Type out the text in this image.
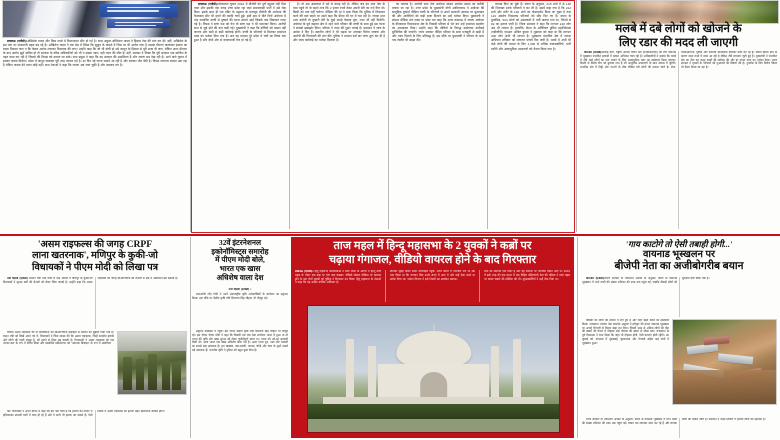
लखनऊ (एजेंसी)।अखिलेश यादव और किस नाम्बे में विधानसभा सीट हो गई है। साथ अमुख अधिवेशन यादव ने हिसाब टेस्ट की मांग कर दी। वहीं, अखिलेश के इस मांग पर सरसराती बहस बढ़ गई है। अखिलेश यादव ने एक प्रेस में लिखा कि सुकून के मामले में जिस पर भी आरोप लगा है उसका डीएनए करवाकर इंसाफ का रास्ता निकाल जाए न कि केवल आरोप लगाकर विधायक की जाए। उन्होंने कहा कि जो भी दोषी हो उसे कानून के हिसाब से पूरी सजा दी जाए, लेकिन अगर डीएनए के बाद आरोप झूठे साबित हो तो सरकार के वरिष्ठ अधिकारियों को भी न बख्शा जाए। यही न्याय की जीत है। वहीं, सरकार ने लिखा कि पूरी सरकार एक साजिश के तहत काम कर रही है जिससे की विपक्ष को दबाया जा सके। सपा प्रमुख ने कहा कि यह सरकार की असलियत है और जनता सब देख रही है। आने वाले चुनाव में इसका जवाब मिलेगा। प्रदेश में कानून व्यवस्था पूरी तरह चरमरा गई है। हर दिन नई घटना सामने आ रही है और सरकार मौन बैठी है। विपक्ष लगातार सवाल उठा रहा है लेकिन जवाब देने वाला कोई नहीं। सपा नेताओं ने कहा कि जनता अब जाग चुकी है और बदलाव तय है।

लखनऊ (एजेंसी)।लोकसभा चुनाव 2024 में बीजेपी को पूर्ण बहुमत नहीं मिल पाया और इसकी एक वजह उत्तर प्रदेश रहा जहां समाजवादी पार्टी ने उसे रोक दिया। इसके साथ ही राम मंदिर के उद्घाटन के बावजूद बीजेपी की अयोध्या की फैजाबाद सीट भी हारने की काफी चर्चा हुई। इसी क्रम में बीते दिनों अयोध्या में एक नाबालिग बच्ची से दुष्कर्म की घटना सामने आई जिसके बाद सियासत गरमा गई है। विपक्ष ने सत्ता पक्ष को घेरा तो सत्ता पक्ष ने भी पलटवार किया। आरोपी सपा से जुड़े होने की बात कही गई। मुख्यमंत्री ने कहा कि दोषियों को बख्शा नहीं जाएगा और कड़ी से कड़ी कार्रवाई होगी। बच्ची के परिजनों से मिलकर हरसंभव मदद का भरोसा दिया गया है। अब यह मामला पूरे प्रदेश में चर्चा का विषय बना हुआ है और दोनों ओर से बयानबाजी तेज हो गई है।

है। वो अब अस्पताल में दर्द से कराह रही है। लेकिन जब हम सपा नेता के पास पहुंचे तो वो कहने लगा कि 2 हजार रुपये ठेकर अपनी बेटी का गर्भ गिरा दो। किसी को पता नहीं चलेगा। पीड़िता की मां ने दावा किया कि पुलिस में शिकायत करने की बात कहने पर उसने कहा कि डीएम मेरे घर में चल रही है। ज्यादा इधर उधर करोगी तो तुम्हारी बेटी के तुम्हें कपड़े फेंकवा दूंगा, लाश भी नहीं मिलेगी। अयोध्या के पूर्व कद्दावर क्षेत्र में रहने वाले परिवार की बच्ची के साथ हुई इस घटना ने सबको झकझोर दिया। परिवार ने न्याय की गुहार लगाई है। प्रशासन ने जांच के आदेश दे दिए हैं। स्थानीय लोगों ने भी सड़क पर उतरकर विरोध जताया और आरोपी की गिरफ्तारी की मांग की। पुलिस ने मामला दर्ज कर जांच शुरू कर दी है और जल्द कार्रवाई का भरोसा दिलाया है।

का मतलब है। आरोपी सपा नेता अयोध्या सांसद अवधेश प्रसाद का करीबी बताया जा रहा है। उत्तर प्रदेश के मुख्यमंत्री योगी आदित्यनाथ ने अयोध्या की सामूहिक दुष्कर्म पीड़िता बच्ची के परिजनों से अपने सरकारी आवास पर मुलाकात की और आरोपियों को कड़ी सजा दिलाने का उन्हें भरोसा दिया। मुख्यमंत्री ने सोशल मीडिया मंच एक्स पर पोस्ट कर कहा कि आज लखनऊ में जनता अयोध्या के दीनदयाल विधानसभा क्षेत्र के निवासी परिवार से भेंट कर उन्हें हरसंभव सहयोग का आश्वासन दिया। उन्होंने कहा कि दोषियों के विरुद्ध कठोरतम कार्रवाई सुनिश्चित की जाएगी। राज्य सरकार पीड़ित परिवार के साथ मजबूती से खड़ी है और न्याय दिलाने के लिए प्रतिबद्ध है। इस मौके पर मुख्यमंत्री ने परिवार के साथ एक तस्वीर भी साझा की।

बरामद किए जा चुके हैं। बयान के अनुसार, 215 शवों में से 148 की शिनाख्त उनके परिजनों ने कर ली है। इसमें कहा गया है कि 212 शवों और शरीर के 140 अंगों का पोस्टमार्टम किया जा चुका है तथा 119 अवशेष निकटतम परिजनों को सौंप दिए गए हैं। बयान के मुताबिक, 504 लोगों को अस्पतालों में भर्ती कराया गया था, जिनमें से 82 का इलाज जारी है। जिला प्रशासन ने कहा कि लगभग 218 लोग अब भी लापता हैं। हालांकि, केरल के अतिरिक्त पुलिस महानिदेशक (एडीजीपी) एमआर अजित कुमार ने शुक्रवार को कहा था कि लगभग 300 लोग अभी भी लापता हैं। भूस्खलन प्रभावित क्षेत्र में तलाश अभियान शनिवार को लगातार पांचवें दिन जारी है। मलबे में अभी भी फंसे लोगों की तलाश के लिए 1,300 से अधिक बचावकर्मियों, भारी मशीनें और अत्याधुनिक उपकरणों को तैनात किया गया है।

मलबे में दबे लोगों को खोजने के
लिए रडार की मदद ली जाएगी

वायनाड (एजेंसी)।सलाह बारी, राष्ट्रीय आपदा मोचन बल (एनडीआरएफ) की टीमें वायनाड में भूस्खलन प्रभावित इलाकों में तलाश अभियान चला रही हैं। अधिकारियों ने बताया कि मलबे में नीचे फंसे लोगों का पता लगाने के लिए अत्याधुनिक रडार का इस्तेमाल किया जाएगा। दिल्ली से विशेष टीम को बुलाया गया है जो आधुनिक उपकरणों के साथ तलाश में जुटेगी। प्रभावित क्षेत्र में मिट्टी और पत्थरों के बीच जीवित बचे लोगों की तलाश जारी है। सेना, एनडीआरएफ, पुलिस और स्थानीय स्वयंसेवक मिलकर काम कर रहे हैं। मौसम खराब होने के कारण राहत कार्य में बाधा आ रही है लेकिन टीमें लगातार जुटी हुई हैं। मुख्यमंत्री ने प्रभावित क्षेत्र का दौरा कर राहत कार्यों की समीक्षा की और हर संभव मदद का भरोसा दिया। राज्य सरकार ने मृतकों के परिजनों को मुआवजे की घोषणा की है। पुनर्वास के लिए विशेष पैकेज भी तैयार किया जा रहा है।

'असम राइफल्स की जगह CRPF
लाना खतरनाक', मणिपुर के कुकी-जो
विधायकों ने पीएम मोदी को लिखा पत्र

नयी दिल्ली (एजेंसी) ।प्रधान मंत्री नरेंद्र मोदी से एक अपील में मणिपुर के कुकी-जो विधायकों ने सुरक्षा बलों की तैनाती को लेकर चिंता जताई है। उन्होंने कहा कि असम राइफल्स की जगह सीआरपीएफ की तैनाती से क्षेत्र में अस्थिरता बढ़ सकती है।

जिसमें असम राइफल्स की दो बटालियनों को सीआरपीएफ इकाइयों से बदलने का सुझाव दिया गया है। प्रधान मंत्री को लिखे अपने पत्र में, विधायकों ने चिंता व्यक्त की कि असम राइफल्स, जिन्हें स्थानीय इलाके और लोगों की गहरी समझ है, को हटाने से हिंसा बढ़ सकती है। विधायकों ने असम राइफल्स को एक 'तटस्थ बल' के रूप में वर्णित किया और प्रस्तावित प्रतिस्थापन को 'भयानक डिजाइन' के रूप में आलोचना

की। विधायकों ने अपने ज्ञापन में कहा कि हमें पता चला है कि हजारों की तादाद में हथियारबंद उपद्रवी घाटी में जमा हो रहे हैं और वे कभी भी हमला कर सकते हैं। ऐसी स्थिति में असम राइफल्स को हटाना बेहद खतरनाक साबित होगा।

32वें इंटरनेशनल
इकोनॉमिस्ट्स समारोह
में पीएम मोदी बोले,
भारत एक खास
अधिशेष वाला देश

नयी दिल्ली (एजेंसी) ।

प्रधानमंत्री नरेंद्र मोदी ने 32वें अंतरराष्ट्रीय कृषि अर्थशास्त्रियों के सम्मेलन का उद्घाटन किया। इस मौके पर केंद्रीय कृषि मंत्री शिवराज सिंह चौहान भी मौजूद रहे।

उद्घाटन कार्यक्रम में पहुंचे। इस दौरान केंद्रीय कृषि मंत्री शिवराज सिंह चौहान भी मौजूद रहे। इस दौरान पीएम मोदी ने कहा कि पिछली बार जब ऐसा सम्मेलन भारत में हुआ था तो भारत की कृषि और खाद्य सुरक्षा को लेकर चुनौतीपूर्ण समय था। भारत को नई-नई आजादी मिली थी। आज भारत एक खाद्य अधिशेष वाला देश है। आज भारत दूध, दाल और मसालों का सबसे बड़ा उत्पादक है। हम खाद्यान्न, फल-सब्जी, कपास, चीनी और चाय के दूसरे सबसे बड़े उत्पादक हैं। भारतीय कृषि ने दुनिया को बहुत कुछ दिया है।

ताज महल में हिन्दू महासभा के 2 युवकों ने कब्रों पर
चढ़ाया गंगाजल, वीडियो वायरल होने के बाद गिरफ्तार

लखनऊ (एजेंसी)। हिंदू महासभा कार्यकर्ताओं ने उत्तर प्रदेश के आगरा में हिन्दू ताज महल के भीतर एक कब्र पर गंगा जल चढ़ाया। वीडियो सोशल मीडिया पर वायरल होने के बाद दोनों युवकों को पुलिस ने गिरफ्तार कर लिया। हिंदू महासभा के नेताओं ने कहा कि यह उनका धार्मिक अधिकार है।

सोमवार सुबह कांवर लेकर ताजमहल पहुंचे। अपने कांवर में गंगाजल भरा था और दावा किया था कि भगवान शिव उनके सपने में आए थे और उन्हें ऐसा करने का आदेश दिया था। पर्यटन विभाग ने इसे नियमों का उल्लंघन बताया।

शिव को समर्पित एक मंदिर है और यह स्मारक पर गंगाजल चढ़ाने आए थे। 2019 में इसी तरह की एक घटना में एक विहिप दक्षिणपंथी नेता की महिला ने ताज महल पर कांवर चढ़ाने की कोशिश की थी। सुरक्षाकर्मियों ने उन्हें रोक दिया था।

'गाय काटोगे तो ऐसी तबाही होगी...'
वायनाड भूस्खलन पर
बीजेपी नेता का अजीबोगरीब बयान

वायनाड (एजेंसी)।राज्य सरकार के नवीनतम अपडेट के अनुसार, केरल के वायनाड भूस्खलन में मरने वालों की संख्या शनिवार की 356 तक पहुंच गई, जबकि सैकड़ों लोगों को सुरक्षित बचा लिया गया है।

मीडिया को लोगों की तलाश में लगे हुए हैं और गहरे बहते मलबे का इस्तेमाल किया। राजस्थान भाजपा नेता ज्ञानदेव आहूजा ने हरिद्वार की घटना वायनाड भूस्खलन पर अपनी टिप्पणी से विवाद खड़ा कर दिया। जिसमें 300 से अधिक लोगों की मौत की खबरों की केरल में गोहत्या और गोमांस की खपत से जोड़ा गया। राजस्थान के पूर्व विधायक ने दावा किया कि जहां भी गोहत्या होगी, ऐसी घटनाएं होती रहेंगी। 30 जुलाई को, वायनाड में मुंडक्कई, चूरलमाला और मेप्पाडी सहित कई गांवों में भूस्खलन हुआ।

राज्य सरकार के नवीनतम अपडेट के अनुसार, केरल के वायनाड भूस्खलन में मरने वालों की संख्या शनिवार की 356 तक पहुंच गई। बचाव दल लगातार काम कर रहे हैं और लापता लोगों की तलाश जारी है। प्रशासन ने राहत शिविरों में हजारों लोगों को ठहराया है।
